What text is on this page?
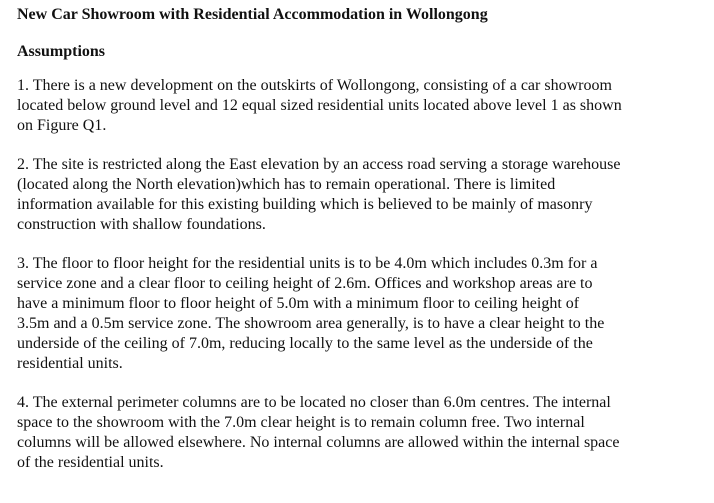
New Car Showroom with Residential Accommodation in Wollongong
Assumptions

1. There is a new development on the outskirts of Wollongong, consisting of a car showroom
located below ground level and 12 equal sized residential units located above level 1 as shown
on Figure Q1.

2. The site is restricted along the East elevation by an access road serving a storage warehouse
(located along the North elevation)which has to remain operational. There is limited
information available for this existing building which is believed to be mainly of masonry
construction with shallow foundations.

3. The floor to floor height for the residential units is to be 4.0m which includes 0.3m for a
service zone and a clear floor to ceiling height of 2.6m. Offices and workshop areas are to
have a minimum floor to floor height of 5.0m with a minimum floor to ceiling height of
3.5m and a 0.5m service zone. The showroom area generally, is to have a clear height to the
underside of the ceiling of 7.0m, reducing locally to the same level as the underside of the
residential units.

4. The external perimeter columns are to be located no closer than 6.0m centres. The internal
space to the showroom with the 7.0m clear height is to remain column free. Two internal
columns will be allowed elsewhere. No internal columns are allowed within the internal space
of the residential units.
